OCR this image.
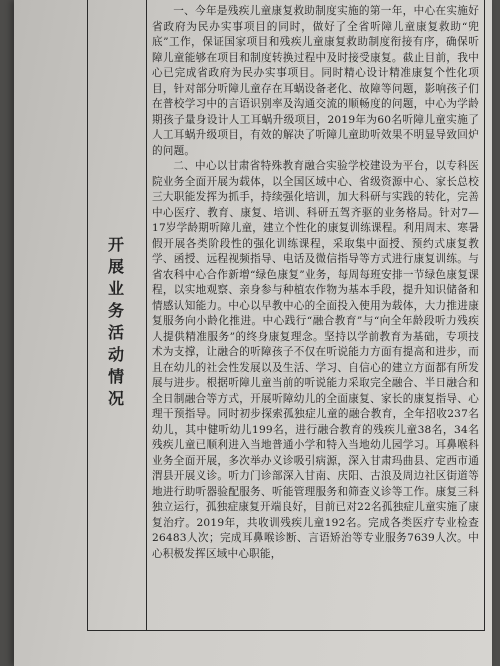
开展业务活动情况

一、今年是残疾儿童康复救助制度实施的第一年，中心在实施好省政府为民办实事项目的同时，做好了全省听障儿童康复救助“兜底”工作，保证国家项目和残疾儿童康复救助制度衔接有序，确保听障儿童能够在项目和制度转换过程中及时接受康复。截止目前，我中心已完成省政府为民办实事项目。同时精心设计精准康复个性化项目，针对部分听障儿童存在耳蜗设备老化、故障等问题，影响孩子们在普校学习中的言语识别率及沟通交流的顺畅度的问题，中心为学龄期孩子量身设计人工耳蜗升级项目，2019年为60名听障儿童实施了人工耳蜗升级项目，有效的解决了听障儿童助听效果不明显导致回炉的问题。

二、中心以甘肃省特殊教育融合实验学校建设为平台，以专科医院业务全面开展为载体，以全国区域中心、省级资源中心、家长总校三大职能发挥为抓手，持续强化培训，加大科研与实践的转化，完善中心医疗、教育、康复、培训、科研五驾齐驱的业务格局。针对7—17岁学龄期听障儿童，建立个性化的康复训练课程。利用周末、寒暑假开展各类阶段性的强化训练课程，采取集中面授、预约式康复教学、函授、远程视频指导、电话及微信指导等方式进行康复训练。与省农科中心合作新增“绿色康复”业务，每周每班安排一节绿色康复课程，以实地观察、亲身参与种植农作物为基本手段，提升知识储备和情感认知能力。中心以早教中心的全面投入使用为载体，大力推进康复服务向小龄化推进。中心践行“融合教育”与“向全年龄段听力残疾人提供精准服务”的终身康复理念。坚持以学前教育为基础，专项技术为支撑，让融合的听障孩子不仅在听说能力方面有提高和进步，而且在幼儿的社会性发展以及生活、学习、自信心的建立方面都有所发展与进步。根据听障儿童当前的听说能力采取完全融合、半日融合和全日制融合等方式，开展听障幼儿的全面康复、家长的康复指导、心理干预指导。同时初步探索孤独症儿童的融合教育，全年招收237名幼儿，其中健听幼儿199名，进行融合教育的残疾儿童38名，34名残疾儿童已顺利进入当地普通小学和特入当地幼儿园学习。耳鼻喉科业务全面开展，多次举办义诊吸引病源，深入甘肃玛曲县、定西市通渭县开展义诊。听力门诊部深入甘南、庆阳、古浪及周边社区街道等地进行助听器验配服务、听能管理服务和筛查义诊等工作。康复三科独立运行，孤独症康复开端良好，目前已对22名孤独症儿童实施了康复治疗。2019年，共收训残疾儿童192名。完成各类医疗专业检查26483人次；完成耳鼻喉诊断、言语矫治等专业服务7639人次。中心积极发挥区域中心职能，
